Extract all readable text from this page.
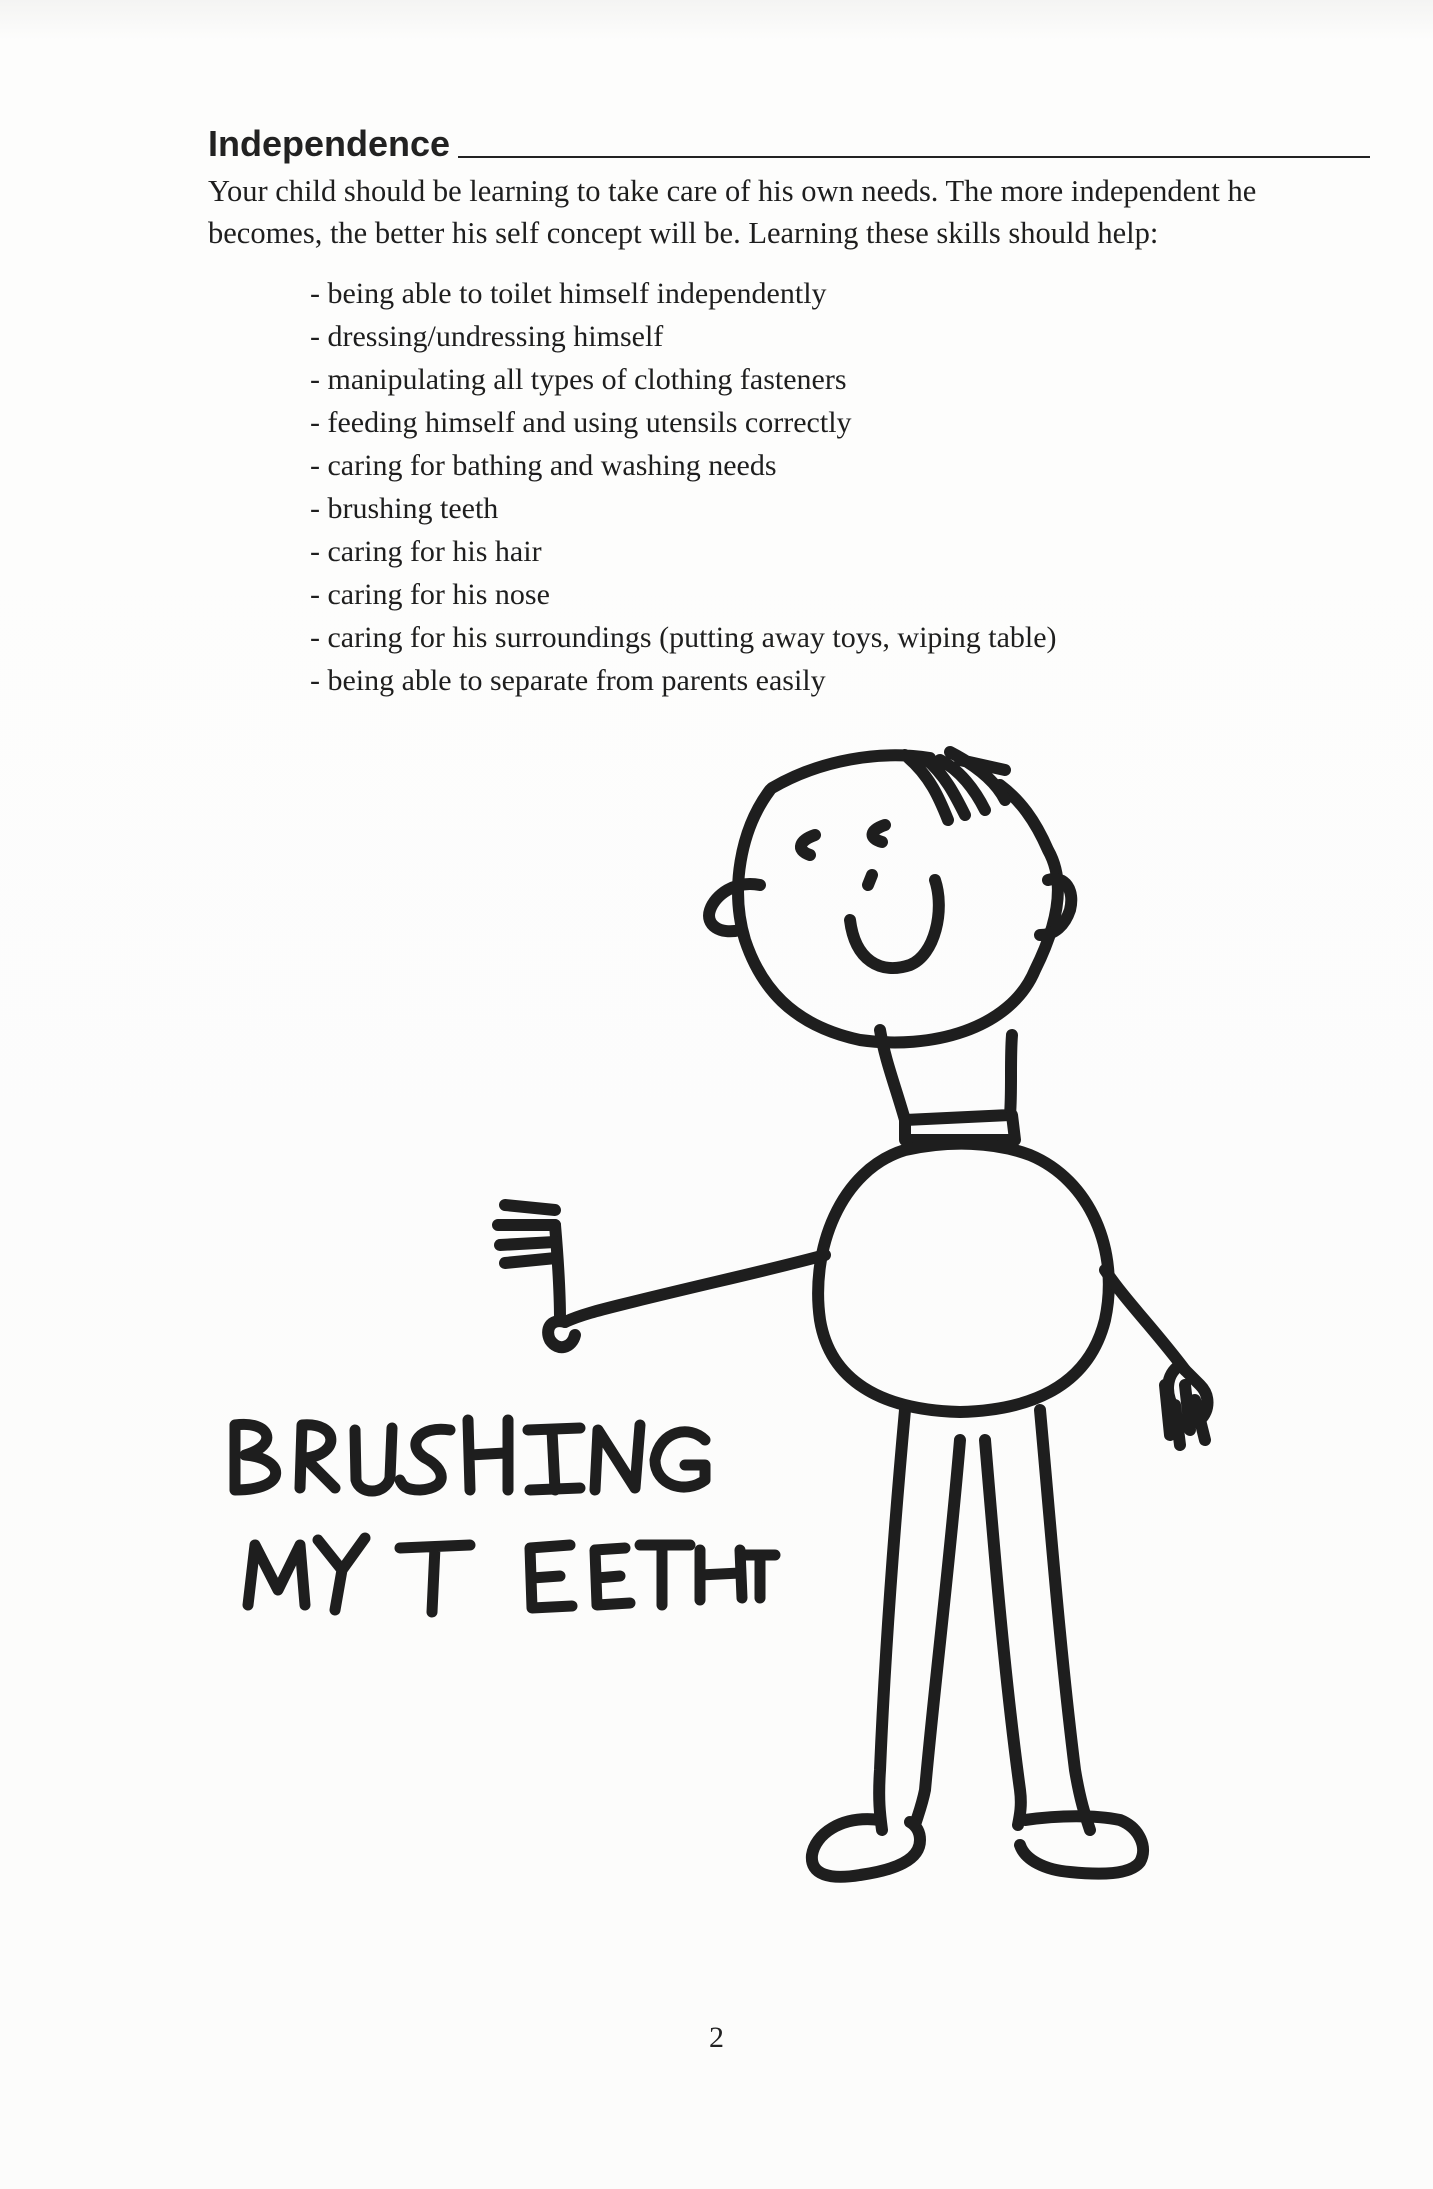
Independence

Your child should be learning to take care of his own needs. The more independent he becomes, the better his self concept will be. Learning these skills should help:

- being able to toilet himself independently
- dressing/undressing himself
- manipulating all types of clothing fasteners
- feeding himself and using utensils correctly
- caring for bathing and washing needs
- brushing teeth
- caring for his hair
- caring for his nose
- caring for his surroundings (putting away toys, wiping table)
- being able to separate from parents easily
2
